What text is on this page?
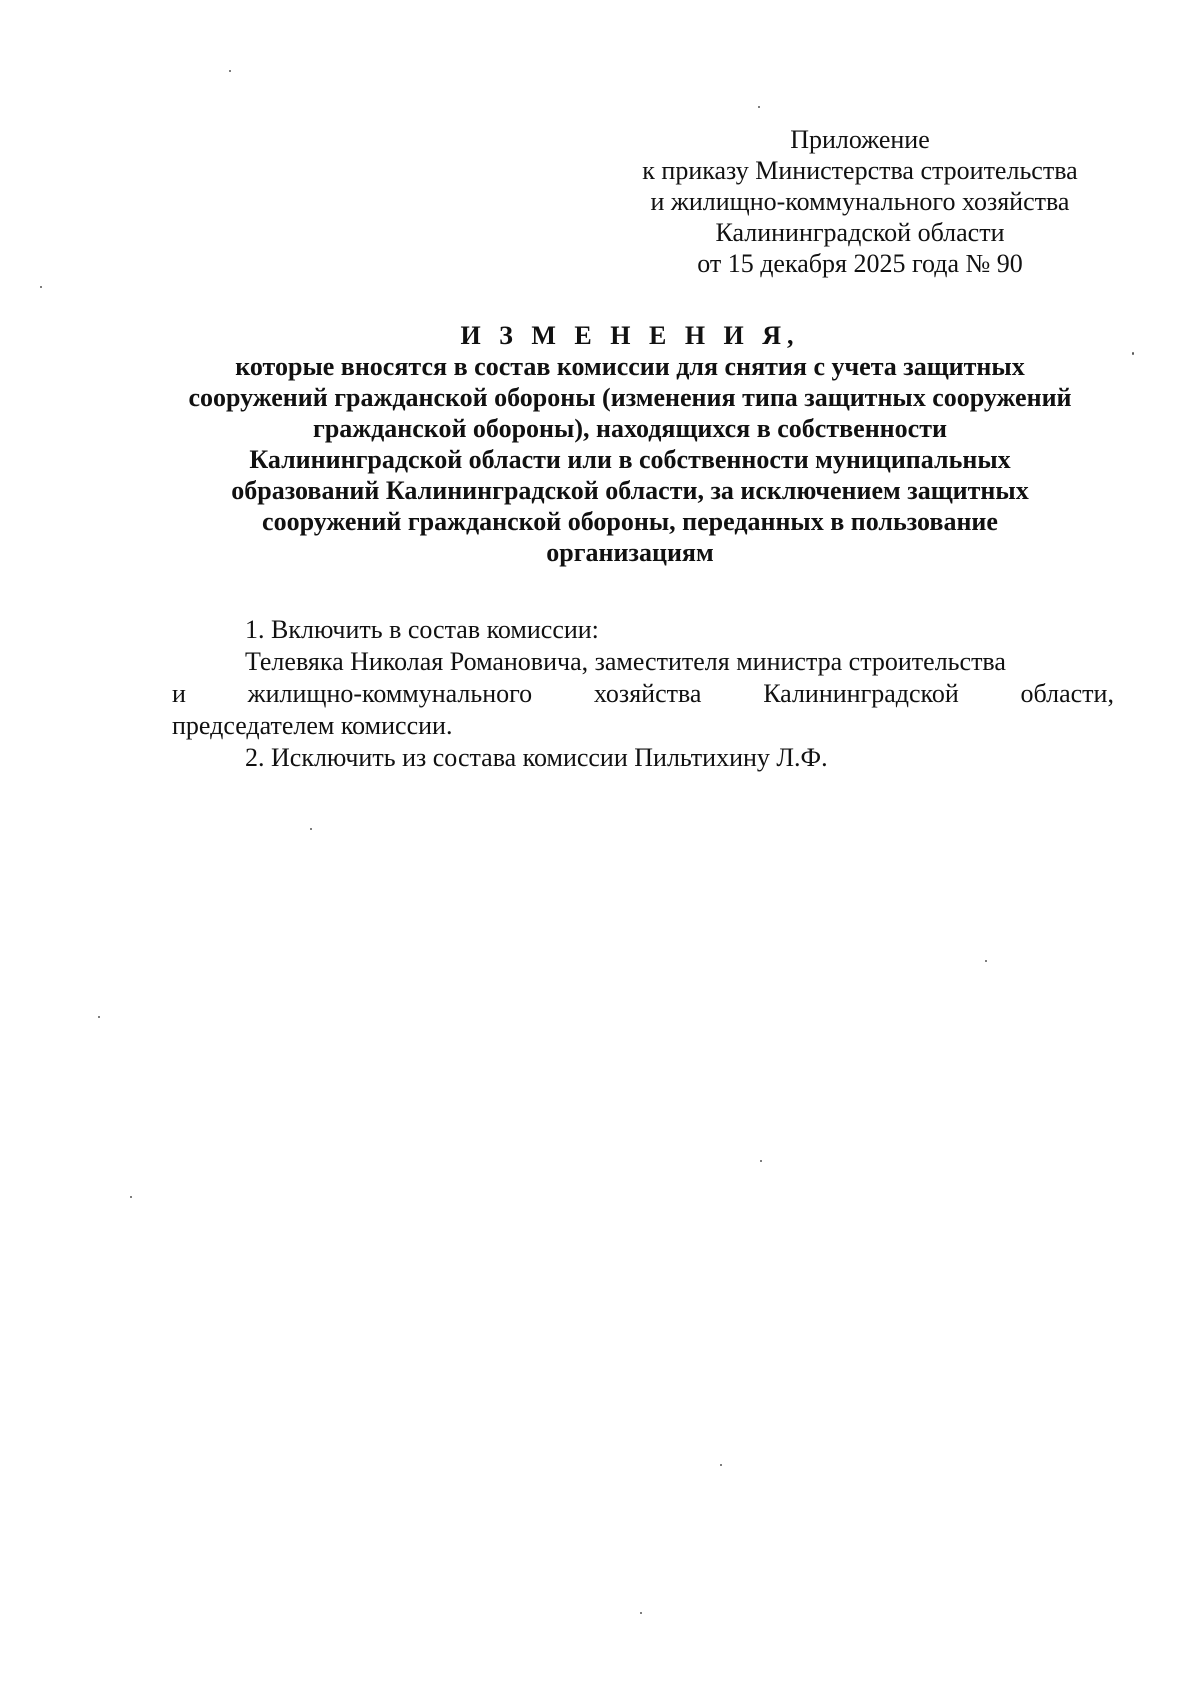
Приложение
к приказу Министерства строительства
и жилищно-коммунального хозяйства
Калининградской области
от 15 декабря 2025 года № 90
И З М Е Н Е Н И Я,
которые вносятся в состав комиссии для снятия с учета защитных
сооружений гражданской обороны (изменения типа защитных сооружений
гражданской обороны), находящихся в собственности
Калининградской области или в собственности муниципальных
образований Калининградской области, за исключением защитных
сооружений гражданской обороны, переданных в пользование
организациям
1. Включить в состав комиссии:
Телевяка Николая Романовича, заместителя министра строительства
и жилищно-коммунального хозяйства Калининградской области,
председателем комиссии.
2. Исключить из состава комиссии Пильтихину Л.Ф.
